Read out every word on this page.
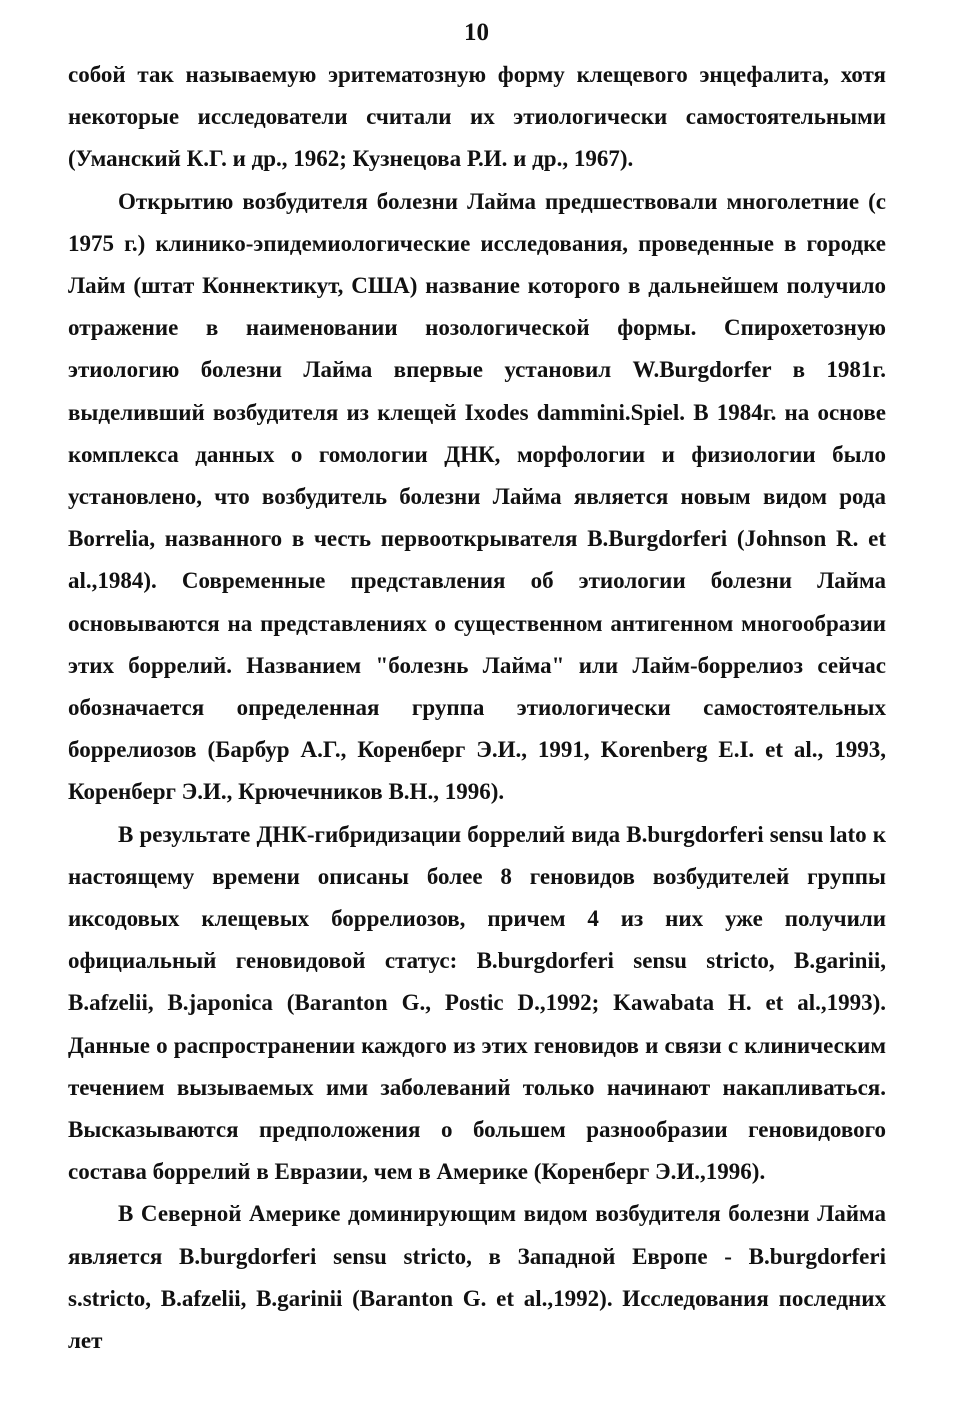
10

собой так называемую эритематозную форму клещевого энцефалита, хотя некоторые исследователи считали их этиологически самостоятельными (Уманский К.Г. и др., 1962; Кузнецова Р.И. и др., 1967).

Открытию возбудителя болезни Лайма предшествовали многолетние (с 1975 г.) клинико-эпидемиологические исследования, проведенные в городке Лайм (штат Коннектикут, США) название которого в дальнейшем получило отражение в наименовании нозологической формы. Спирохетозную этиологию болезни Лайма впервые установил W.Burgdorfer в 1981г. выделивший возбудителя из клещей Ixodes dammini.Spiel. В 1984г. на основе комплекса данных о гомологии ДНК, морфологии и физиологии было установлено, что возбудитель болезни Лайма является новым видом рода Borrelia, названного в честь первооткрывателя B.Burgdorferi (Johnson R. et al.,1984). Современные представления об этиологии болезни Лайма основываются на представлениях о существенном антигенном многообразии этих боррелий. Названием "болезнь Лайма" или Лайм-боррелиоз сейчас обозначается определенная группа этиологически самостоятельных боррелиозов (Барбур А.Г., Коренберг Э.И., 1991, Korenberg E.I. et al., 1993, Коренберг Э.И., Крючечников В.Н., 1996).

В результате ДНК-гибридизации боррелий вида B.burgdorferi sensu lato к настоящему времени описаны более 8 геновидов возбудителей группы иксодовых клещевых боррелиозов, причем 4 из них уже получили официальный геновидовой статус: B.burgdorferi sensu stricto, B.garinii, B.afzelii, B.japonica (Baranton G., Postic D.,1992; Kawabata H. et al.,1993). Данные о распространении каждого из этих геновидов и связи с клиническим течением вызываемых ими заболеваний только начинают накапливаться. Высказываются предположения о большем разнообразии геновидового состава боррелий в Евразии, чем в Америке (Коренберг Э.И.,1996).

В Северной Америке доминирующим видом возбудителя болезни Лайма является B.burgdorferi sensu stricto, в Западной Европе - B.burgdorferi s.stricto, B.afzelii, B.garinii (Baranton G. et al.,1992). Исследования последних лет
